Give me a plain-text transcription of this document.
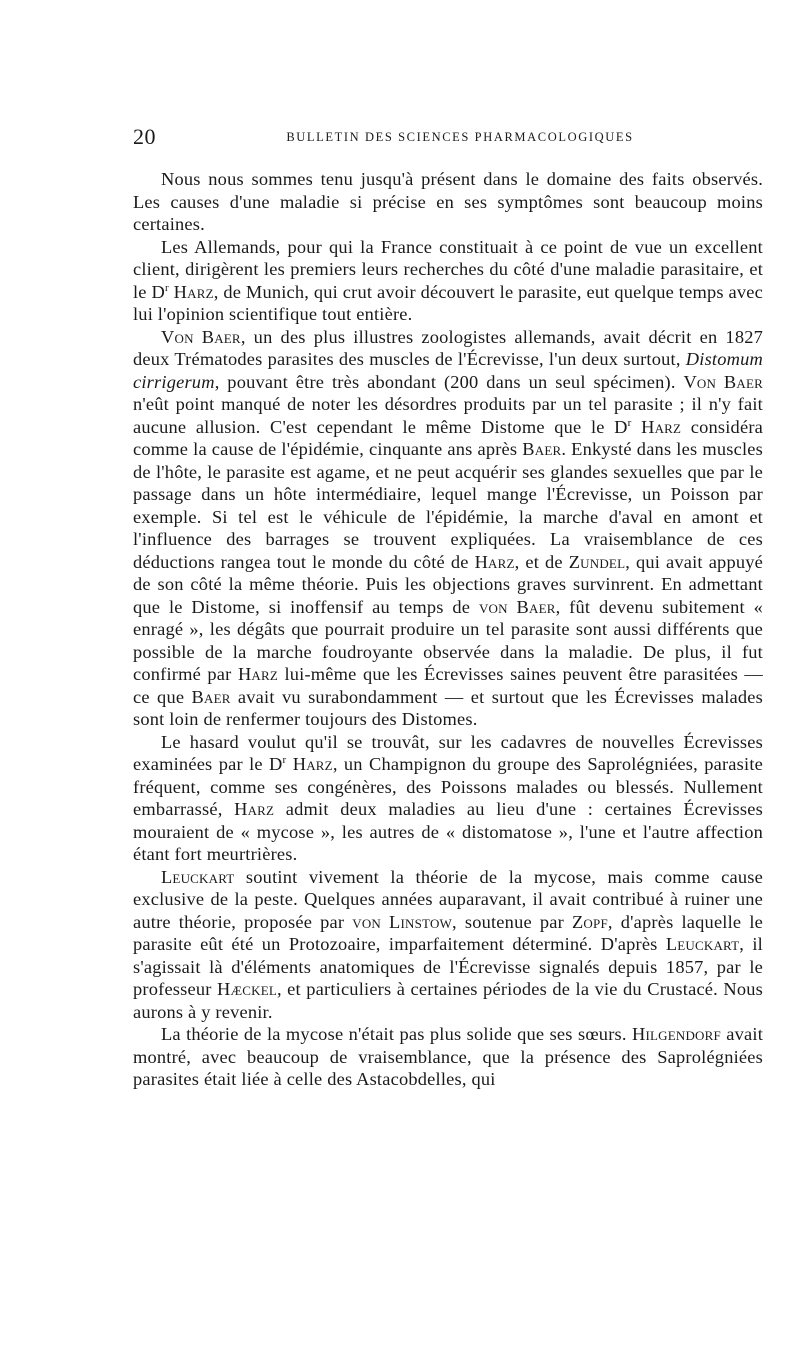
20	BULLETIN DES SCIENCES PHARMACOLOGIQUES

Nous nous sommes tenu jusqu'à présent dans le domaine des faits observés. Les causes d'une maladie si précise en ses symptômes sont beaucoup moins certaines.

Les Allemands, pour qui la France constituait à ce point de vue un excellent client, dirigèrent les premiers leurs recherches du côté d'une maladie parasitaire, et le $D^r$ Harz, de Munich, qui crut avoir découvert le parasite, eut quelque temps avec lui l'opinion scientifique tout entière.

Von Baer, un des plus illustres zoologistes allemands, avait décrit en 1827 deux Trématodes parasites des muscles de l'Écrevisse, l'un deux surtout, Distomum cirrigerum, pouvant être très abondant (200 dans un seul spécimen). Von Baer n'eût point manqué de noter les désordres produits par un tel parasite ; il n'y fait aucune allusion. C'est cependant le même Distome que le $D^r$ Harz considéra comme la cause de l'épidémie, cinquante ans après Baer. Enkysté dans les muscles de l'hôte, le parasite est agame, et ne peut acquérir ses glandes sexuelles que par le passage dans un hôte intermédiaire, lequel mange l'Écrevisse, un Poisson par exemple. Si tel est le véhicule de l'épidémie, la marche d'aval en amont et l'influence des barrages se trouvent expliquées. La vraisemblance de ces déductions rangea tout le monde du côté de Harz, et de Zundel, qui avait appuyé de son côté la même théorie. Puis les objections graves survinrent. En admettant que le Distome, si inoffensif au temps de von Baer, fût devenu subitement « enragé », les dégâts que pourrait produire un tel parasite sont aussi différents que possible de la marche foudroyante observée dans la maladie. De plus, il fut confirmé par Harz lui-même que les Écrevisses saines peuvent être parasitées — ce que Baer avait vu surabondamment — et surtout que les Écrevisses malades sont loin de renfermer toujours des Distomes.

Le hasard voulut qu'il se trouvât, sur les cadavres de nouvelles Écrevisses examinées par le $D^r$ Harz, un Champignon du groupe des Saprolégniées, parasite fréquent, comme ses congénères, des Poissons malades ou blessés. Nullement embarrassé, Harz admit deux maladies au lieu d'une : certaines Écrevisses mouraient de « mycose », les autres de « distomatose », l'une et l'autre affection étant fort meurtrières.

Leuckart soutint vivement la théorie de la mycose, mais comme cause exclusive de la peste. Quelques années auparavant, il avait contribué à ruiner une autre théorie, proposée par von Linstow, soutenue par Zopf, d'après laquelle le parasite eût été un Protozoaire, imparfaitement déterminé. D'après Leuckart, il s'agissait là d'éléments anatomiques de l'Écrevisse signalés depuis 1857, par le professeur Hæckel, et particuliers à certaines périodes de la vie du Crustacé. Nous aurons à y revenir.

La théorie de la mycose n'était pas plus solide que ses sœurs. Hilgendorf avait montré, avec beaucoup de vraisemblance, que la présence des Saprolégniées parasites était liée à celle des Astacobdelles, qui
